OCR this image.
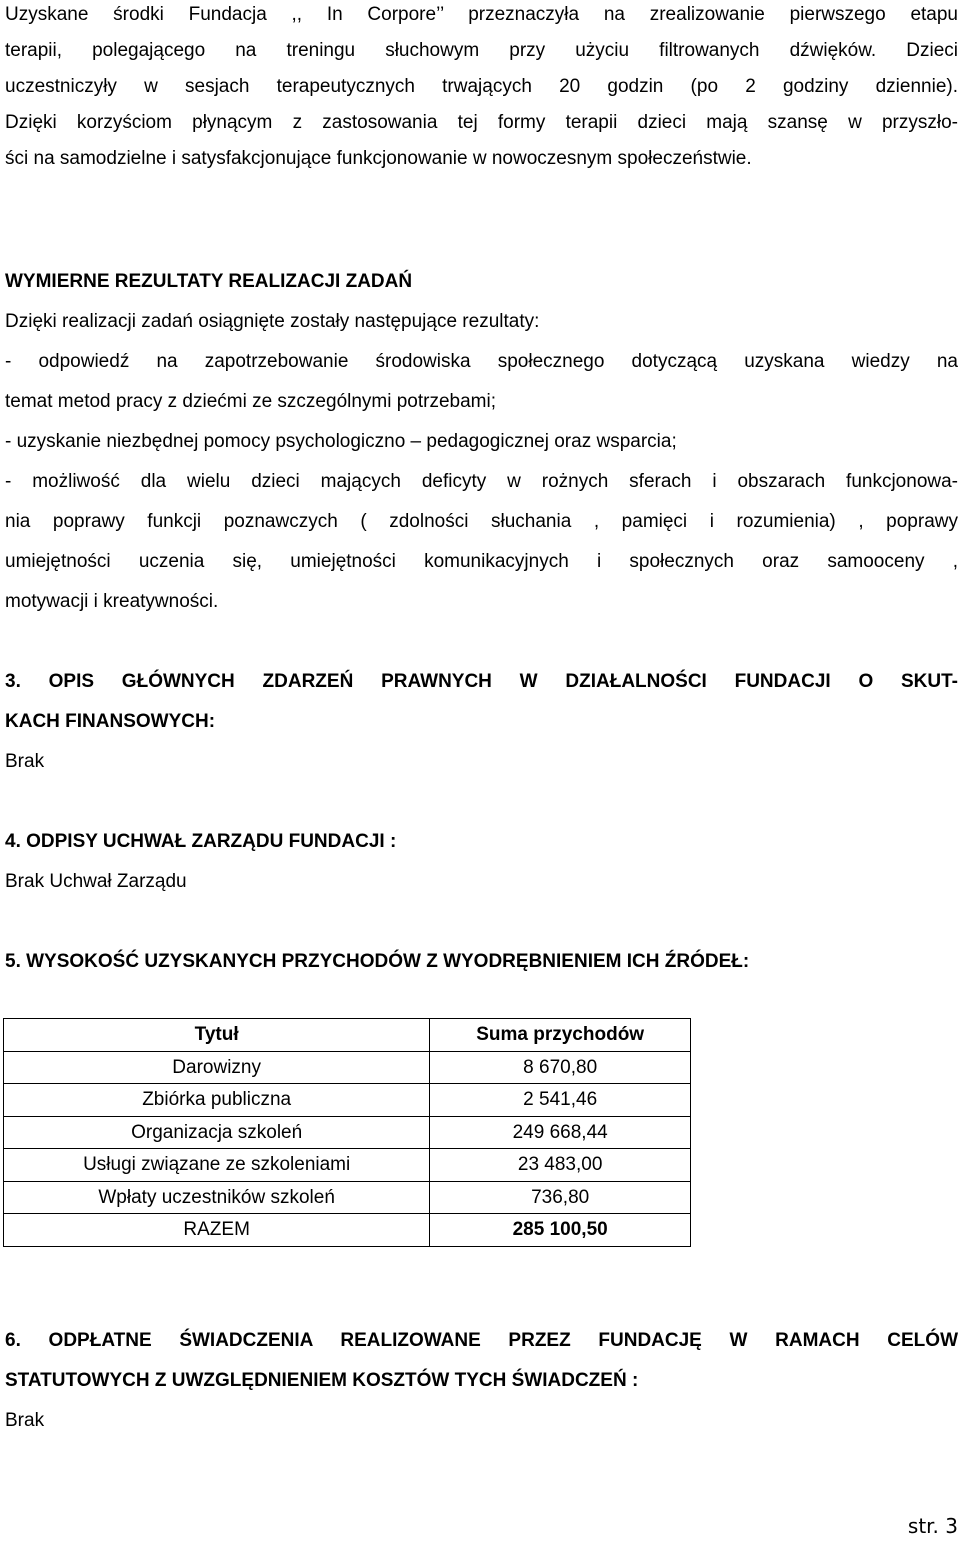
Uzyskane środki Fundacja ,, In Corpore’’ przeznaczyła na zrealizowanie pierwszego etapu

terapii, polegającego na treningu słuchowym przy użyciu filtrowanych dźwięków. Dzieci

uczestniczyły w sesjach terapeutycznych trwających 20 godzin (po 2 godziny dziennie).

Dzięki korzyściom płynącym z zastosowania tej formy terapii dzieci mają szansę w przyszło-

ści na samodzielne i satysfakcjonujące funkcjonowanie w nowoczesnym społeczeństwie.

WYMIERNE REZULTATY REALIZACJI ZADAŃ

Dzięki realizacji zadań osiągnięte zostały następujące rezultaty:

- odpowiedź na zapotrzebowanie środowiska społecznego dotyczącą uzyskana wiedzy na

temat metod pracy z dziećmi ze szczególnymi potrzebami;

- uzyskanie niezbędnej pomocy psychologiczno – pedagogicznej oraz wsparcia;

- możliwość dla wielu dzieci mających deficyty w rożnych sferach i obszarach funkcjonowa-

nia poprawy funkcji poznawczych ( zdolności słuchania , pamięci i rozumienia) , poprawy

umiejętności uczenia się, umiejętności komunikacyjnych i społecznych oraz samooceny ,

motywacji i kreatywności.

3. OPIS GŁÓWNYCH ZDARZEŃ PRAWNYCH W DZIAŁALNOŚCI FUNDACJI O SKUT-

KACH FINANSOWYCH:

Brak

4. ODPISY UCHWAŁ ZARZĄDU FUNDACJI :

Brak Uchwał Zarządu

5. WYSOKOŚĆ UZYSKANYCH PRZYCHODÓW Z WYODRĘBNIENIEM ICH ŹRÓDEŁ:

Tytuł	Suma przychodów
Darowizny	8 670,80
Zbiórka publiczna	2 541,46
Organizacja szkoleń	249 668,44
Usługi związane ze szkoleniami	23 483,00
Wpłaty uczestników szkoleń	736,80
RAZEM	285 100,50

6. ODPŁATNE ŚWIADCZENIA REALIZOWANE PRZEZ FUNDACJĘ W RAMACH CELÓW

STATUTOWYCH Z UWZGLĘDNIENIEM KOSZTÓW TYCH ŚWIADCZEŃ :

Brak

str. 3
